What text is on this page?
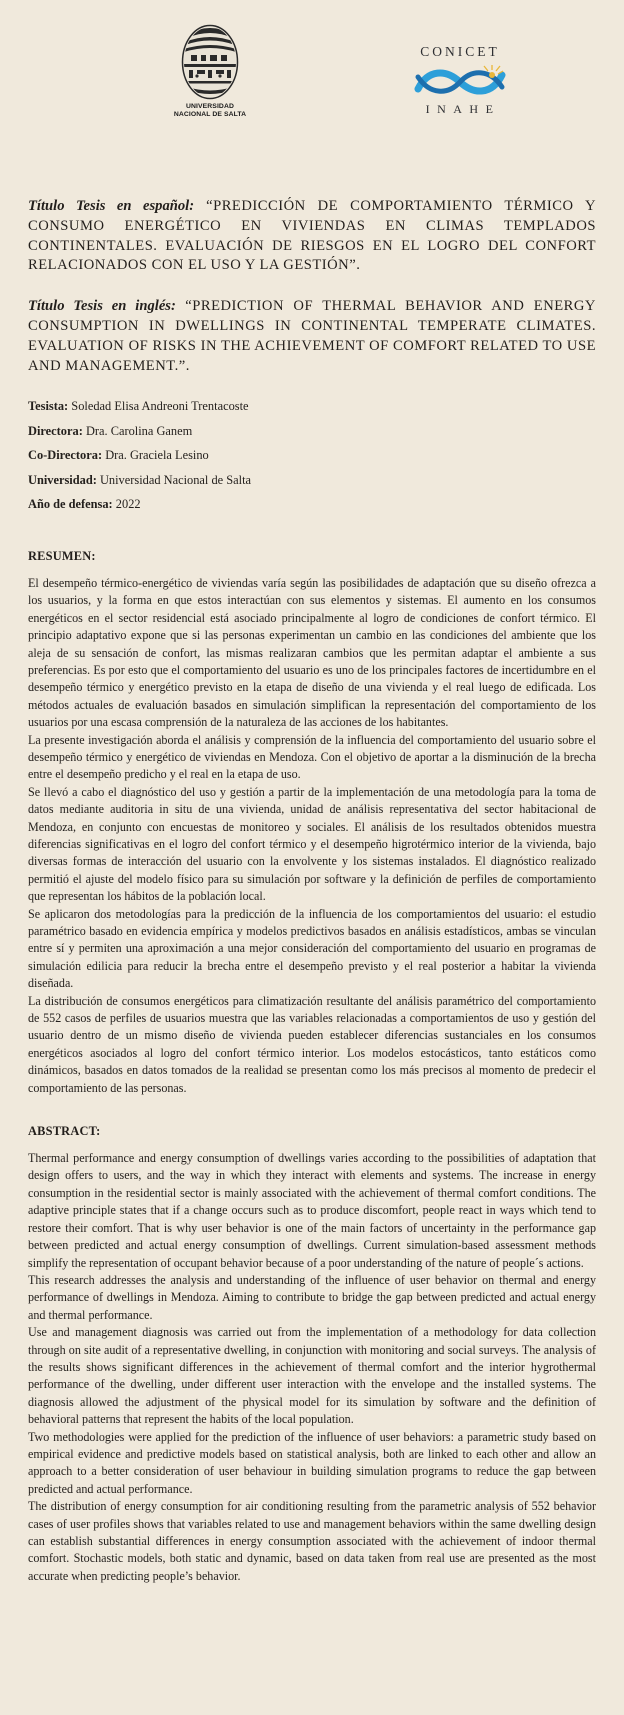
UNIVERSIDAD
NACIONAL DE SALTA
CONICET
INAHE

Título Tesis en español: “PREDICCIÓN DE COMPORTAMIENTO TÉRMICO Y CONSUMO ENERGÉTICO EN VIVIENDAS EN CLIMAS TEMPLADOS CONTINENTALES. EVALUACIÓN DE RIESGOS EN EL LOGRO DEL CONFORT RELACIONADOS CON EL USO Y LA GESTIÓN”.

Título Tesis en inglés: “PREDICTION OF THERMAL BEHAVIOR AND ENERGY CONSUMPTION IN DWELLINGS IN CONTINENTAL TEMPERATE CLIMATES. EVALUATION OF RISKS IN THE ACHIEVEMENT OF COMFORT RELATED TO USE AND MANAGEMENT.”.

Tesista: Soledad Elisa Andreoni Trentacoste
Directora: Dra. Carolina Ganem
Co-Directora: Dra. Graciela Lesino
Universidad: Universidad Nacional de Salta
Año de defensa: 2022

RESUMEN:

El desempeño térmico-energético de viviendas varía según las posibilidades de adaptación que su diseño ofrezca a los usuarios, y la forma en que estos interactúan con sus elementos y sistemas. El aumento en los consumos energéticos en el sector residencial está asociado principalmente al logro de condiciones de confort térmico. El principio adaptativo expone que si las personas experimentan un cambio en las condiciones del ambiente que los aleja de su sensación de confort, las mismas realizaran cambios que les permitan adaptar el ambiente a sus preferencias. Es por esto que el comportamiento del usuario es uno de los principales factores de incertidumbre en el desempeño térmico y energético previsto en la etapa de diseño de una vivienda y el real luego de edificada. Los métodos actuales de evaluación basados en simulación simplifican la representación del comportamiento de los usuarios por una escasa comprensión de la naturaleza de las acciones de los habitantes.

La presente investigación aborda el análisis y comprensión de la influencia del comportamiento del usuario sobre el desempeño térmico y energético de viviendas en Mendoza. Con el objetivo de aportar a la disminución de la brecha entre el desempeño predicho y el real en la etapa de uso.

Se llevó a cabo el diagnóstico del uso y gestión a partir de la implementación de una metodología para la toma de datos mediante auditoria in situ de una vivienda, unidad de análisis representativa del sector habitacional de Mendoza, en conjunto con encuestas de monitoreo y sociales. El análisis de los resultados obtenidos muestra diferencias significativas en el logro del confort térmico y el desempeño higrotérmico interior de la vivienda, bajo diversas formas de interacción del usuario con la envolvente y los sistemas instalados. El diagnóstico realizado permitió el ajuste del modelo físico para su simulación por software y la definición de perfiles de comportamiento que representan los hábitos de la población local.

Se aplicaron dos metodologías para la predicción de la influencia de los comportamientos del usuario: el estudio paramétrico basado en evidencia empírica y modelos predictivos basados en análisis estadísticos, ambas se vinculan entre sí y permiten una aproximación a una mejor consideración del comportamiento del usuario en programas de simulación edilicia para reducir la brecha entre el desempeño previsto y el real posterior a habitar la vivienda diseñada.

La distribución de consumos energéticos para climatización resultante del análisis paramétrico del comportamiento de 552 casos de perfiles de usuarios muestra que las variables relacionadas a comportamientos de uso y gestión del usuario dentro de un mismo diseño de vivienda pueden establecer diferencias sustanciales en los consumos energéticos asociados al logro del confort térmico interior. Los modelos estocásticos, tanto estáticos como dinámicos, basados en datos tomados de la realidad se presentan como los más precisos al momento de predecir el comportamiento de las personas.

ABSTRACT:

Thermal performance and energy consumption of dwellings varies according to the possibilities of adaptation that design offers to users, and the way in which they interact with elements and systems. The increase in energy consumption in the residential sector is mainly associated with the achievement of thermal comfort conditions. The adaptive principle states that if a change occurs such as to produce discomfort, people react in ways which tend to restore their comfort. That is why user behavior is one of the main factors of uncertainty in the performance gap between predicted and actual energy consumption of dwellings. Current simulation-based assessment methods simplify the representation of occupant behavior because of a poor understanding of the nature of people´s actions.

This research addresses the analysis and understanding of the influence of user behavior on thermal and energy performance of dwellings in Mendoza. Aiming to contribute to bridge the gap between predicted and actual energy and thermal performance.

Use and management diagnosis was carried out from the implementation of a methodology for data collection through on site audit of a representative dwelling, in conjunction with monitoring and social surveys. The analysis of the results shows significant differences in the achievement of thermal comfort and the interior hygrothermal performance of the dwelling, under different user interaction with the envelope and the installed systems. The diagnosis allowed the adjustment of the physical model for its simulation by software and the definition of behavioral patterns that represent the habits of the local population.

Two methodologies were applied for the prediction of the influence of user behaviors: a parametric study based on empirical evidence and predictive models based on statistical analysis, both are linked to each other and allow an approach to a better consideration of user behaviour in building simulation programs to reduce the gap between predicted and actual performance.

The distribution of energy consumption for air conditioning resulting from the parametric analysis of 552 behavior cases of user profiles shows that variables related to use and management behaviors within the same dwelling design can establish substantial differences in energy consumption associated with the achievement of indoor thermal comfort. Stochastic models, both static and dynamic, based on data taken from real use are presented as the most accurate when predicting people’s behavior.
